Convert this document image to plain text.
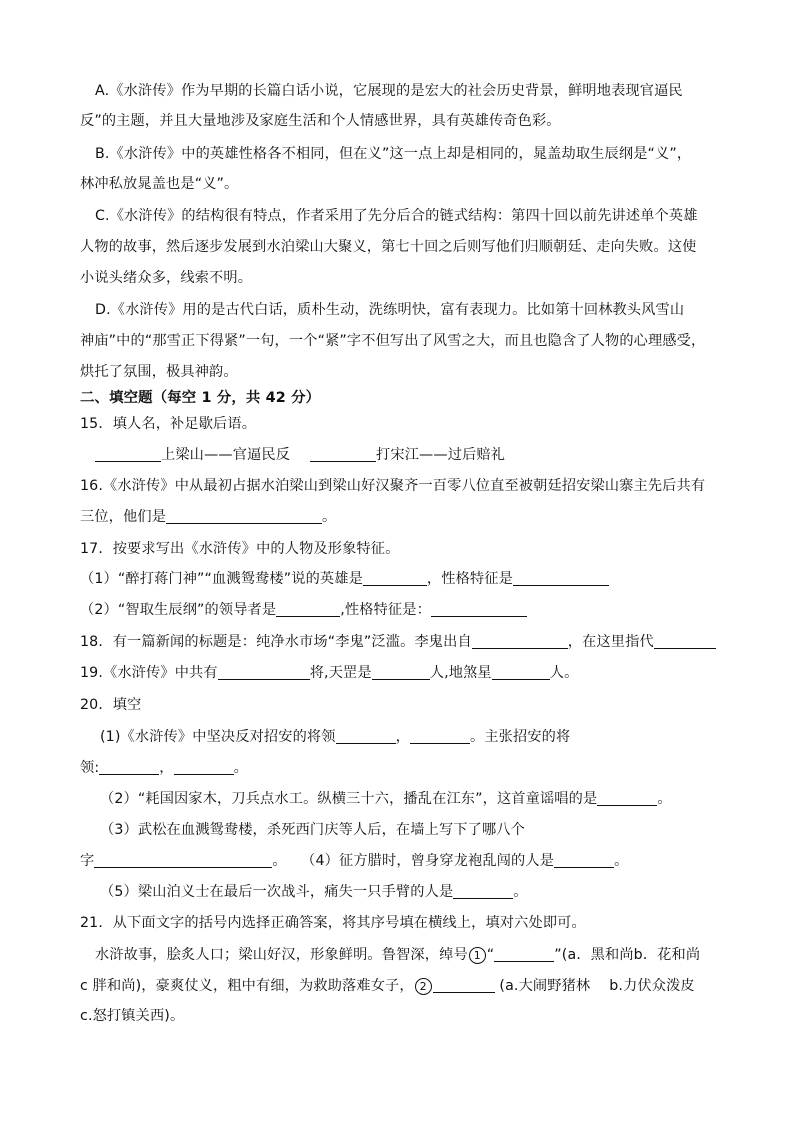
A.《水浒传》作为早期的长篇白话小说，它展现的是宏大的社会历史背景，鲜明地表现官逼民
反”的主题，并且大量地涉及家庭生活和个人情感世界，具有英雄传奇色彩。
B.《水浒传》中的英雄性格各不相同，但在义”这一点上却是相同的，晁盖劫取生辰纲是“义”，
林冲私放晁盖也是“义”。
C.《水浒传》的结构很有特点，作者采用了先分后合的链式结构：第四十回以前先讲述单个英雄
人物的故事，然后逐步发展到水泊梁山大聚义，第七十回之后则写他们归顺朝廷、走向失败。这使
小说头绪众多，线索不明。
D.《水浒传》用的是古代白话，质朴生动，洗练明快，富有表现力。比如第十回林教头风雪山
神庙”中的“那雪正下得紧”一句，一个“紧”字不但写出了风雪之大，而且也隐含了人物的心理感受，
烘托了氛围，极具神韵。
二、填空题（每空 1 分，共 42 分）
15．填人名，补足歇后语。
上梁山——官逼民反	打宋江——过后赔礼
16.《水浒传》中从最初占据水泊梁山到梁山好汉聚齐一百零八位直至被朝廷招安梁山寨主先后共有
三位，他们是	。
17．按要求写出《水浒传》中的人物及形象特征。
（1）“醉打蒋门神”“血溅鸳鸯楼”说的英雄是	，性格特征是
（2）“智取生辰纲”的领导者是	,性格特征是：
18．有一篇新闻的标题是：纯净水市场“李鬼”泛滥。李鬼出自	，在这里指代
19.《水浒传》中共有	将,天罡是	人,地煞星	人。
20．填空
(1)《水浒传》中坚决反对招安的将领	，	。主张招安的将
领:	，	。
（2）“耗国因家木，刀兵点水工。纵横三十六，播乱在江东”，这首童谣唱的是	。
（3）武松在血溅鸳鸯楼，杀死西门庆等人后，在墙上写下了哪八个
字	。　　（4）征方腊时，曾身穿龙袍乱闯的人是	。
（5）梁山泊义士在最后一次战斗，痛失一只手臂的人是	。
21．从下面文字的括号内选择正确答案，将其序号填在横线上，填对六处即可。
水浒故事，脍炙人口；梁山好汉，形象鲜明。鲁智深，绰号 1 “	”(a．黑和尚b．花和尚
c 胖和尚)，豪爽仗义，粗中有细，为救助落难女子， 2	(a.大闹野猪林　 b.力伏众泼皮
c.怒打镇关西)。
